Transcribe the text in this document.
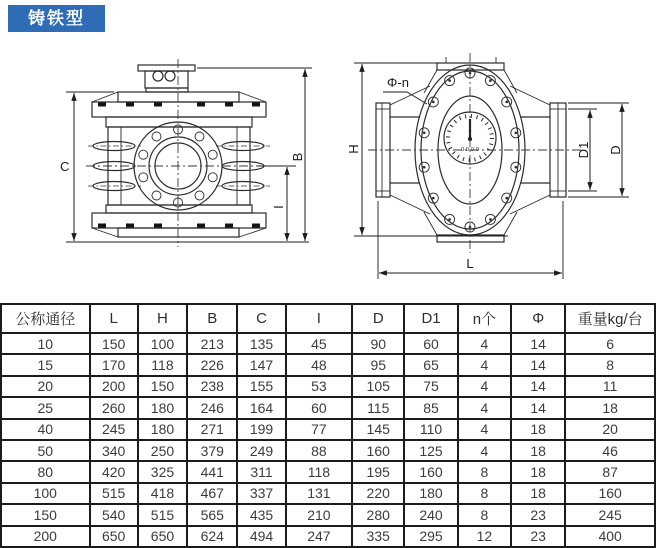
铸铁型
C
B
I
0-0-0-0
H
Φ-n
D1 D
L
公称通径	L	H	B	C	I	D	D1	n个	Φ	重量kg/台
10	150	100	213	135	45	90	60	4	14	6
15	170	118	226	147	48	95	65	4	14	8
20	200	150	238	155	53	105	75	4	14	11
25	260	180	246	164	60	115	85	4	14	18
40	245	180	271	199	77	145	110	4	18	20
50	340	250	379	249	88	160	125	4	18	46
80	420	325	441	311	118	195	160	8	18	87
100	515	418	467	337	131	220	180	8	18	160
150	540	515	565	435	210	280	240	8	23	245
200	650	650	624	494	247	335	295	12	23	400
